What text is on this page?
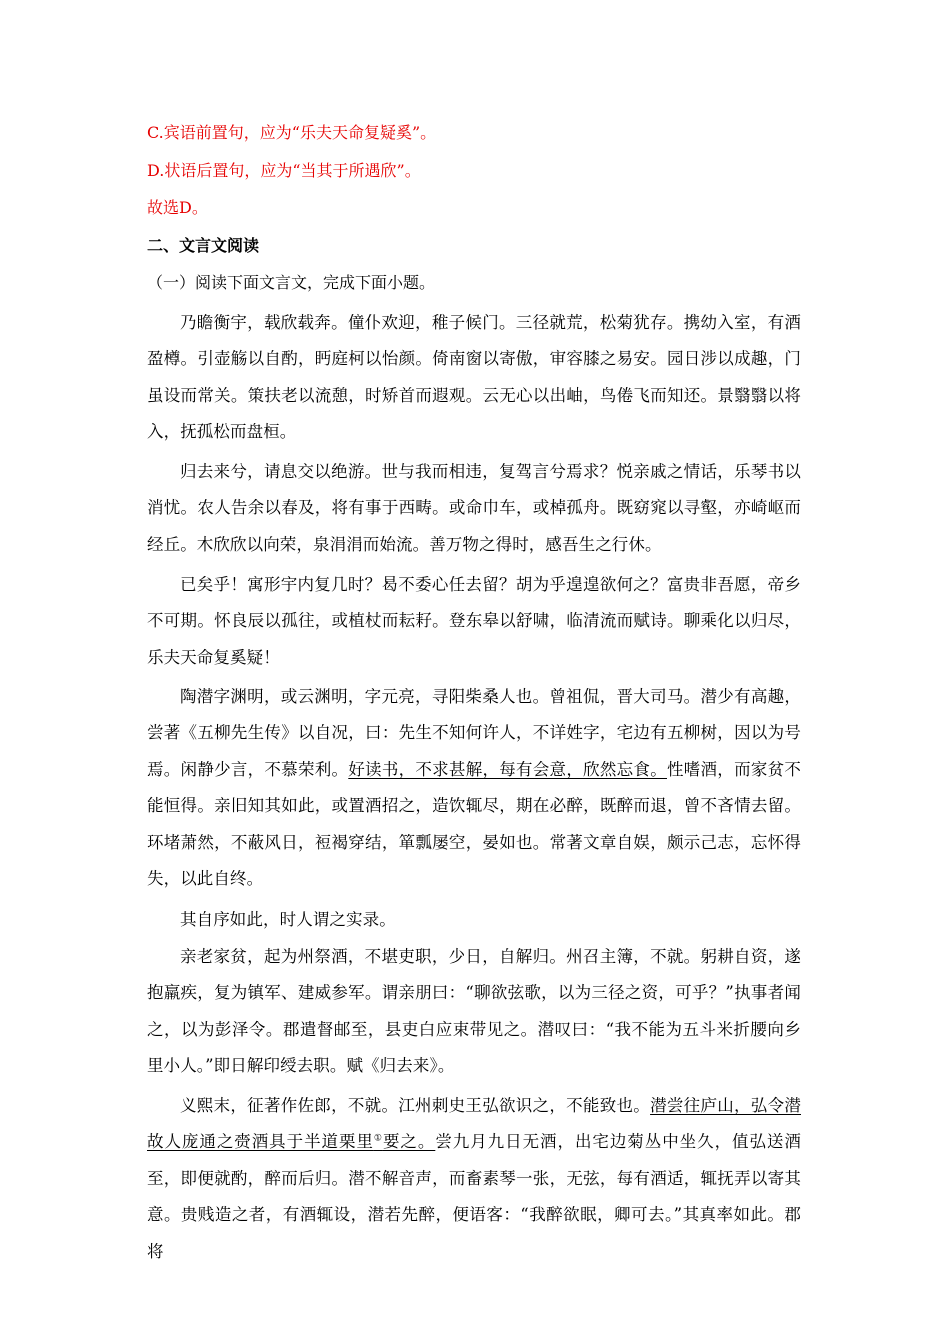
C.宾语前置句，应为“乐夫天命复疑奚”。
D.状语后置句，应为“当其于所遇欣”。
故选D。
二、文言文阅读
（一）阅读下面文言文，完成下面小题。
乃瞻衡宇，载欣载奔。僮仆欢迎，稚子候门。三径就荒，松菊犹存。携幼入室，有酒盈樽。引壶觞以自酌，眄庭柯以怡颜。倚南窗以寄傲，审容膝之易安。园日涉以成趣，门虽设而常关。策扶老以流憩，时矫首而遐观。云无心以出岫，鸟倦飞而知还。景翳翳以将入，抚孤松而盘桓。
归去来兮，请息交以绝游。世与我而相违，复驾言兮焉求？悦亲戚之情话，乐琴书以消忧。农人告余以春及，将有事于西畴。或命巾车，或棹孤舟。既窈窕以寻壑，亦崎岖而经丘。木欣欣以向荣，泉涓涓而始流。善万物之得时，感吾生之行休。
已矣乎！寓形宇内复几时？曷不委心任去留？胡为乎遑遑欲何之？富贵非吾愿，帝乡不可期。怀良辰以孤往，或植杖而耘耔。登东皋以舒啸，临清流而赋诗。聊乘化以归尽，乐夫天命复奚疑！
陶潜字渊明，或云渊明，字元亮，寻阳柴桑人也。曾祖侃，晋大司马。潜少有高趣，尝著《五柳先生传》以自况，曰：先生不知何许人，不详姓字，宅边有五柳树，因以为号焉。闲静少言，不慕荣利。好读书，不求甚解，每有会意，欣然忘食。性嗜酒，而家贫不能恒得。亲旧知其如此，或置酒招之，造饮辄尽，期在必醉，既醉而退，曾不吝情去留。环堵萧然，不蔽风日，裋褐穿结，箪瓢屡空，晏如也。常著文章自娱，颇示己志，忘怀得失，以此自终。
其自序如此，时人谓之实录。
亲老家贫，起为州祭酒，不堪吏职，少日，自解归。州召主簿，不就。躬耕自资，遂抱羸疾，复为镇军、建威参军。谓亲朋曰：“聊欲弦歌，以为三径之资，可乎？”执事者闻之，以为彭泽令。郡遣督邮至，县吏白应束带见之。潜叹曰：“我不能为五斗米折腰向乡里小人。”即日解印绶去职。赋《归去来》。
义熙末，征著作佐郎，不就。江州刺史王弘欲识之，不能致也。潜尝往庐山，弘令潜故人庞通之赍酒具于半道栗里①要之。尝九月九日无酒，出宅边菊丛中坐久，值弘送酒至，即便就酌，醉而后归。潜不解音声，而畜素琴一张，无弦，每有酒适，辄抚弄以寄其意。贵贱造之者，有酒辄设，潜若先醉，便语客：“我醉欲眠，卿可去。”其真率如此。郡将
